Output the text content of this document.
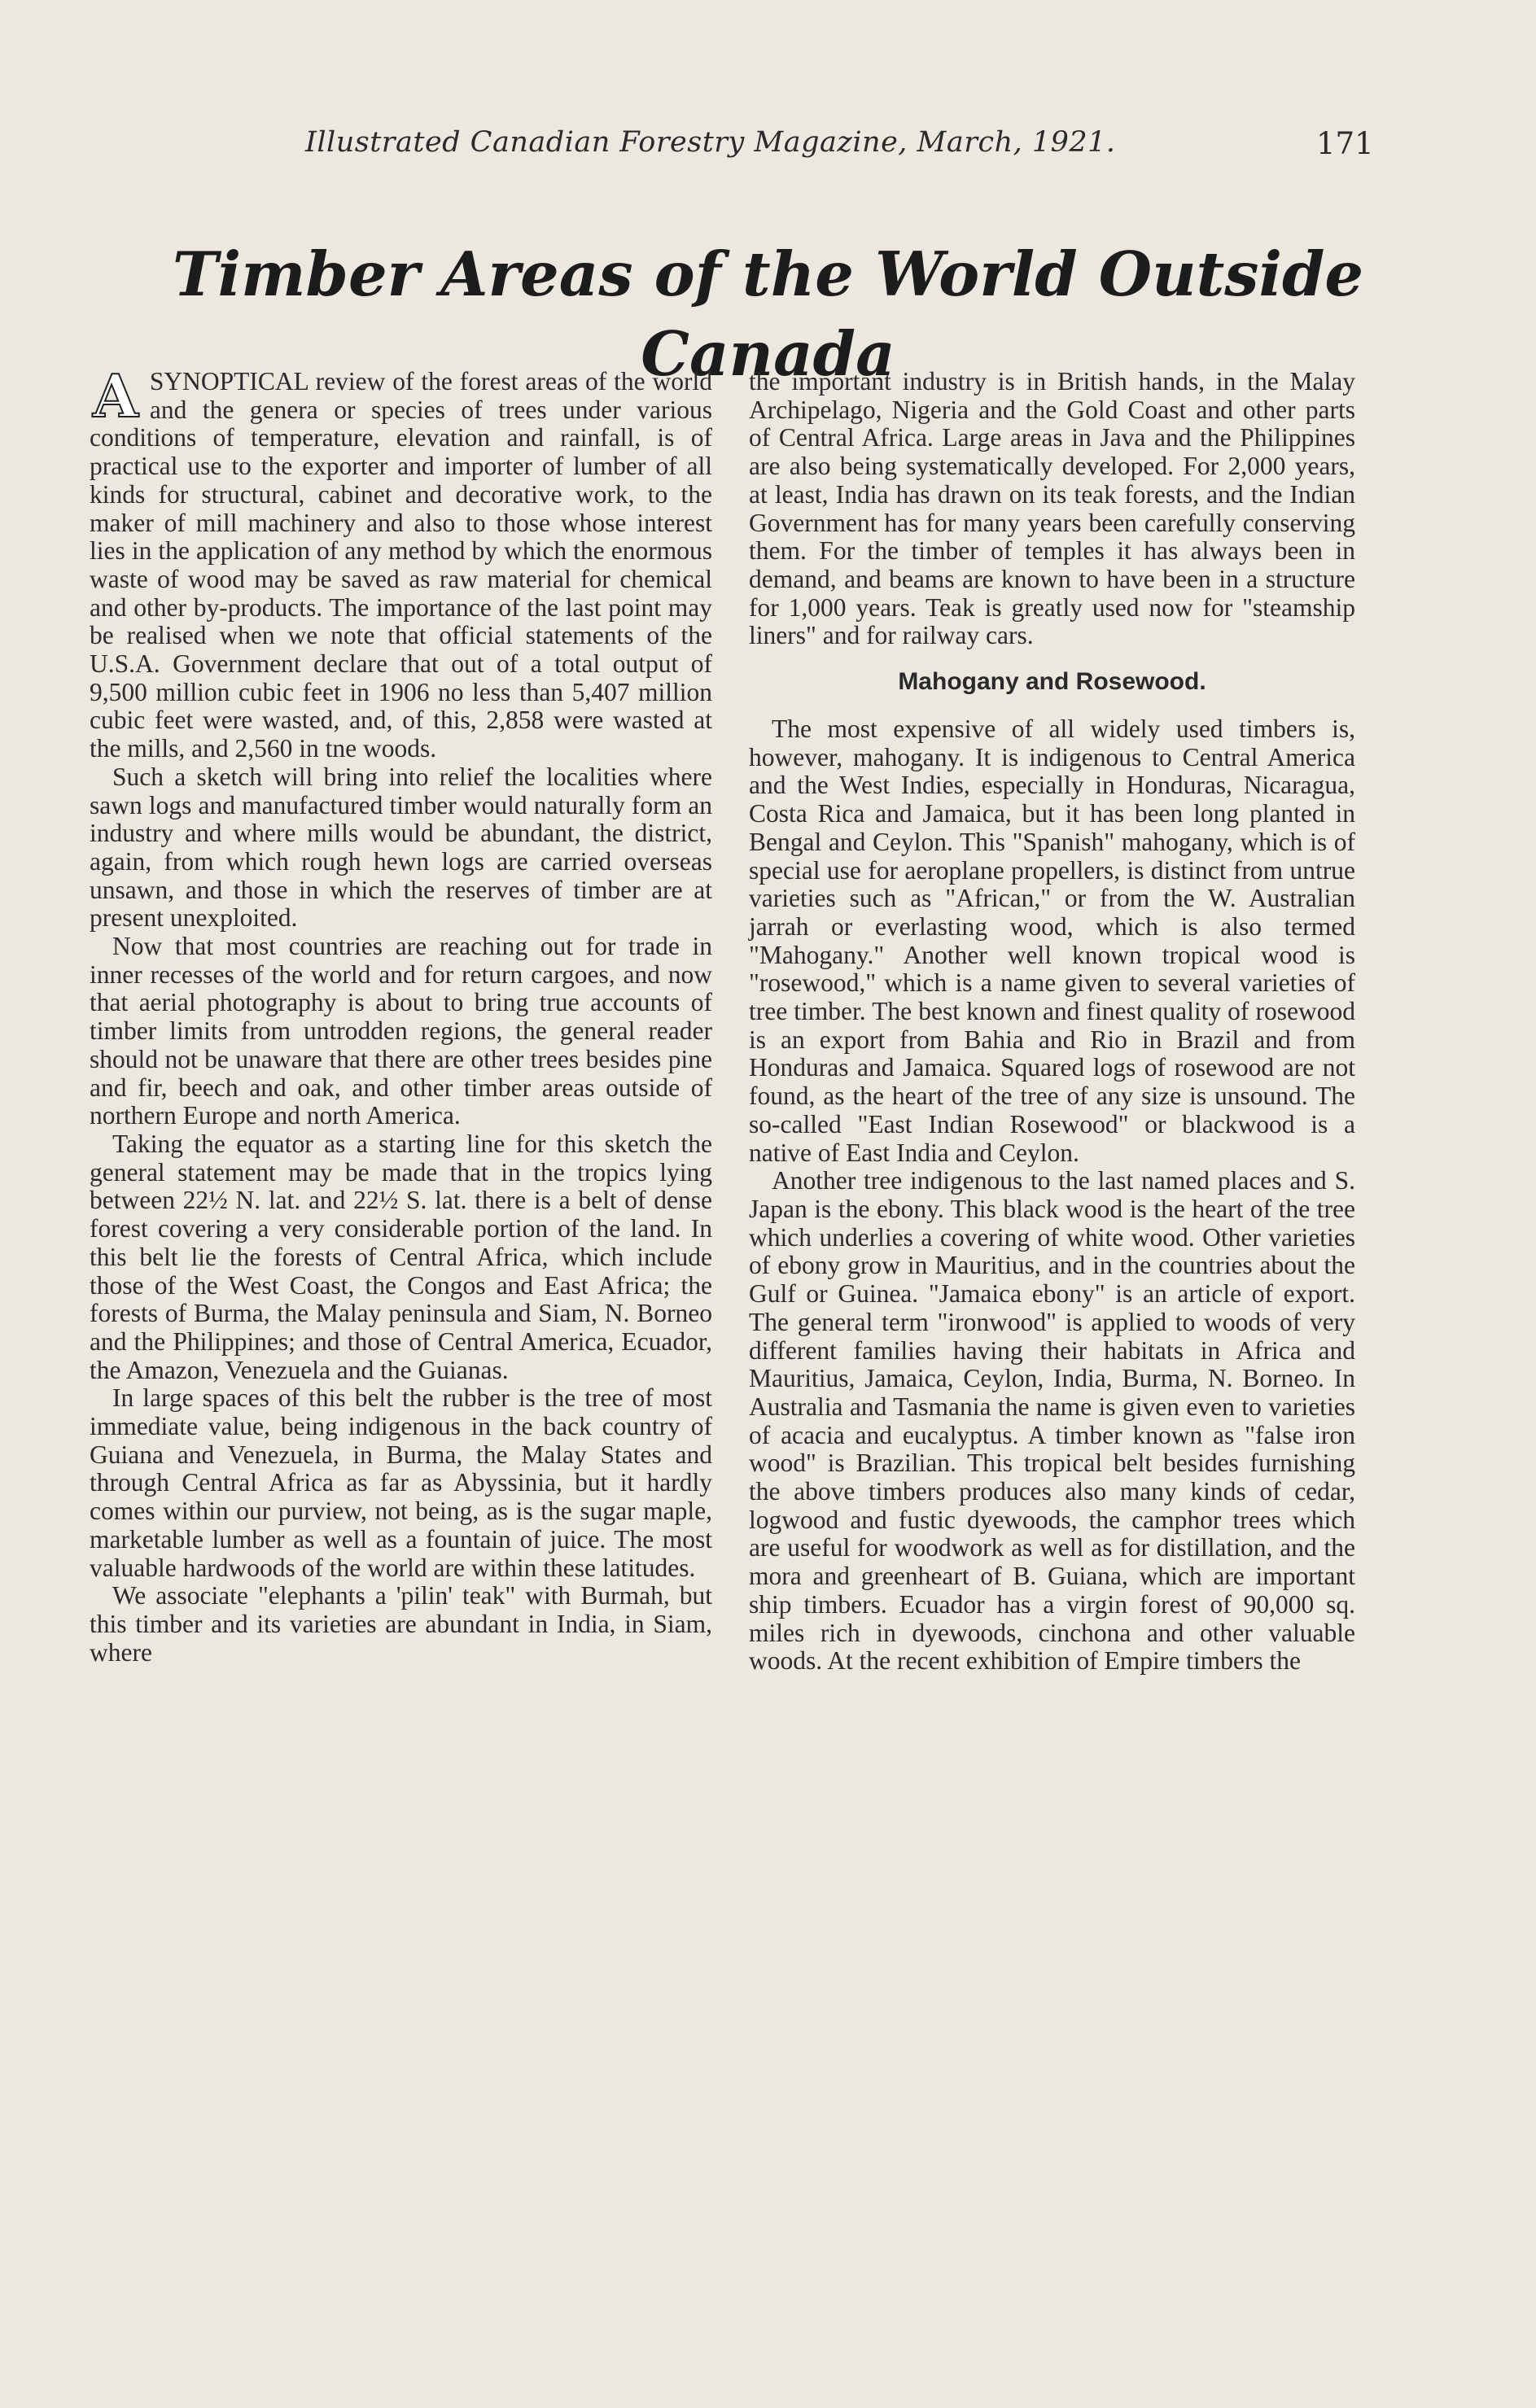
Illustrated Canadian Forestry Magazine, March, 1921.	171
Timber Areas of the World Outside Canada

A SYNOPTICAL review of the forest areas of the world and the genera or species of trees under various conditions of temperature, elevation and rainfall, is of practical use to the exporter and importer of lumber of all kinds for structural, cabinet and decorative work, to the maker of mill machinery and also to those whose interest lies in the application of any method by which the enormous waste of wood may be saved as raw material for chemical and other by-products. The importance of the last point may be realised when we note that official statements of the U.S.A. Government declare that out of a total output of 9,500 million cubic feet in 1906 no less than 5,407 million cubic feet were wasted, and, of this, 2,858 were wasted at the mills, and 2,560 in tne woods.

Such a sketch will bring into relief the localities where sawn logs and manufactured timber would naturally form an industry and where mills would be abundant, the district, again, from which rough hewn logs are carried overseas unsawn, and those in which the reserves of timber are at present unexploited.

Now that most countries are reaching out for trade in inner recesses of the world and for return cargoes, and now that aerial photography is about to bring true accounts of timber limits from untrodden regions, the general reader should not be unaware that there are other trees besides pine and fir, beech and oak, and other timber areas outside of northern Europe and north America.

Taking the equator as a starting line for this sketch the general statement may be made that in the tropics lying between 22½ N. lat. and 22½ S. lat. there is a belt of dense forest covering a very considerable portion of the land. In this belt lie the forests of Central Africa, which include those of the West Coast, the Congos and East Africa; the forests of Burma, the Malay peninsula and Siam, N. Borneo and the Philippines; and those of Central America, Ecuador, the Amazon, Venezuela and the Guianas.

In large spaces of this belt the rubber is the tree of most immediate value, being indigenous in the back country of Guiana and Venezuela, in Burma, the Malay States and through Central Africa as far as Abyssinia, but it hardly comes within our purview, not being, as is the sugar maple, marketable lumber as well as a fountain of juice. The most valuable hardwoods of the world are within these latitudes.

We associate "elephants a 'pilin' teak" with Burmah, but this timber and its varieties are abundant in India, in Siam, where

the important industry is in British hands, in the Malay Archipelago, Nigeria and the Gold Coast and other parts of Central Africa. Large areas in Java and the Philippines are also being systematically developed. For 2,000 years, at least, India has drawn on its teak forests, and the Indian Government has for many years been carefully conserving them. For the timber of temples it has always been in demand, and beams are known to have been in a structure for 1,000 years. Teak is greatly used now for "steamship liners" and for railway cars.

Mahogany and Rosewood.

The most expensive of all widely used timbers is, however, mahogany. It is indigenous to Central America and the West Indies, especially in Honduras, Nicaragua, Costa Rica and Jamaica, but it has been long planted in Bengal and Ceylon. This "Spanish" mahogany, which is of special use for aeroplane propellers, is distinct from untrue varieties such as "African," or from the W. Australian jarrah or everlasting wood, which is also termed "Mahogany." Another well known tropical wood is "rosewood," which is a name given to several varieties of tree timber. The best known and finest quality of rosewood is an export from Bahia and Rio in Brazil and from Honduras and Jamaica. Squared logs of rosewood are not found, as the heart of the tree of any size is unsound. The so-called "East Indian Rosewood" or blackwood is a native of East India and Ceylon.

Another tree indigenous to the last named places and S. Japan is the ebony. This black wood is the heart of the tree which underlies a covering of white wood. Other varieties of ebony grow in Mauritius, and in the countries about the Gulf or Guinea. "Jamaica ebony" is an article of export. The general term "ironwood" is applied to woods of very different families having their habitats in Africa and Mauritius, Jamaica, Ceylon, India, Burma, N. Borneo. In Australia and Tasmania the name is given even to varieties of acacia and eucalyptus. A timber known as "false iron wood" is Brazilian. This tropical belt besides furnishing the above timbers produces also many kinds of cedar, logwood and fustic dyewoods, the camphor trees which are useful for woodwork as well as for distillation, and the mora and greenheart of B. Guiana, which are important ship timbers. Ecuador has a virgin forest of 90,000 sq. miles rich in dyewoods, cinchona and other valuable woods. At the recent exhibition of Empire timbers the
